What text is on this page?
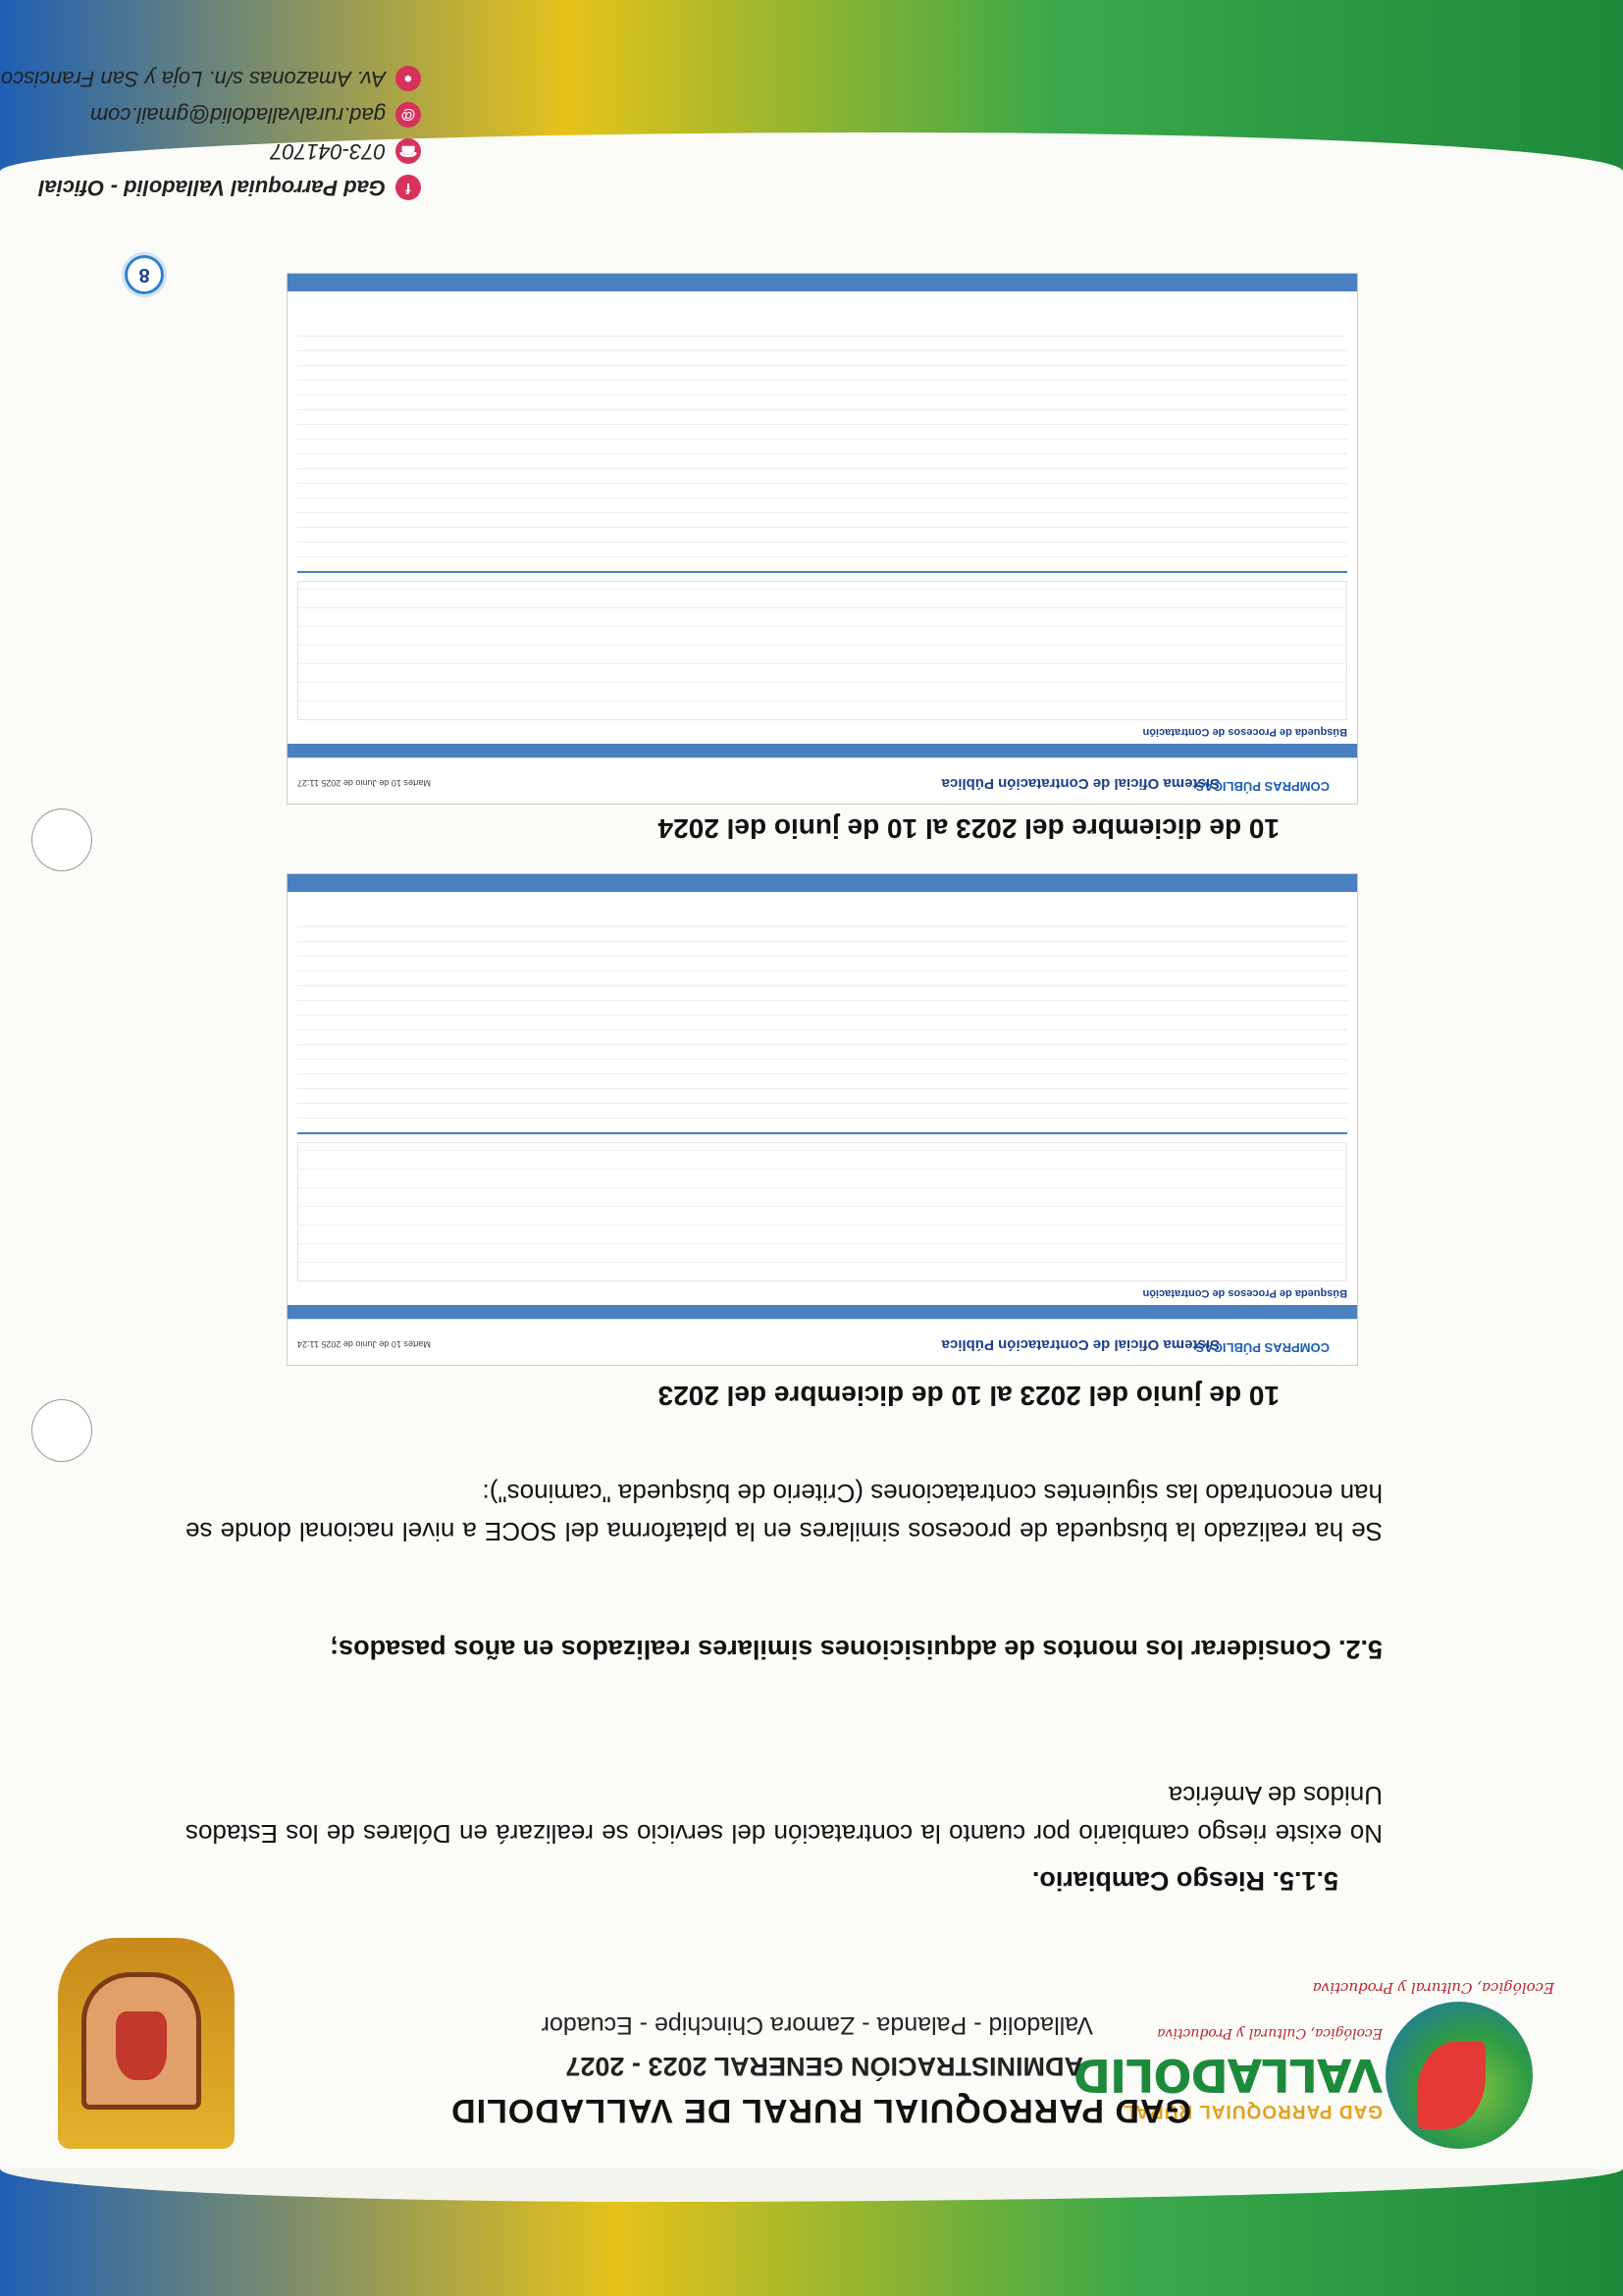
GAD PARROQUIAL RURAL
VALLADOLID
Ecológica, Cultural y Productiva
Ecológica, Cultural y Productiva
GAD PARROQUIAL RURAL DE VALLADOLID
ADMINISTRACIÓN GENERAL 2023 - 2027
Valladolid - Palanda - Zamora Chinchipe - Ecuador
5.1.5. Riesgo Cambiario.
No existe riesgo cambiario por cuanto la contratación del servicio se realizará en Dólares de los Estados Unidos de América
5.2. Considerar los montos de adquisiciones similares realizados en años pasados;
Se ha realizado la búsqueda de procesos similares en la plataforma del SOCE a nivel nacional donde se han encontrado las siguientes contrataciones (Criterio de búsqueda "caminos"):
10 de junio del 2023 al 10 de diciembre del 2023
COMPRAS PÚBLICAS
Sistema Oficial de Contratación Pública
Martes 10 de Junio de 2025 11:24
Búsqueda de Procesos de Contratación
10 de diciembre del 2023 al 10 de junio del 2024
COMPRAS PÚBLICAS
Sistema Oficial de Contratación Pública
Martes 10 de Junio de 2025 11:27
Búsqueda de Procesos de Contratación
8
f
Gad Parroquial Valladolid - Oficial
☎
073-041707
@
gad.ruralvalladolid@gmail.com
●
Av. Amazonas s/n. Loja y San Francisco
